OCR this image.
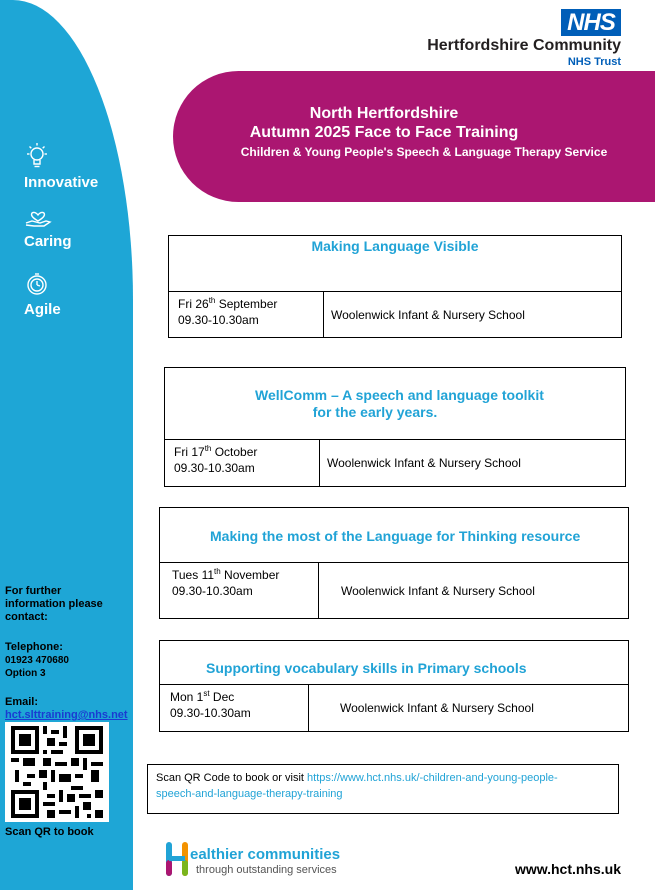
Innovative
Caring
Agile
For further
information please
contact:
Telephone:
01923 470680
Option 3
Email:
hct.slttraining@nhs.net
Scan QR to book
NHS
Hertfordshire Community
NHS Trust
North Hertfordshire
Autumn 2025 Face to Face Training
Children & Young People's Speech & Language Therapy Service
Making Language Visible
Fri 26th September
09.30-10.30am	Woolenwick Infant & Nursery School
WellComm – A speech and language toolkit
for the early years.
Fri 17th October
09.30-10.30am	Woolenwick Infant & Nursery School
Making the most of the Language for Thinking resource
Tues 11th November
09.30-10.30am	Woolenwick Infant & Nursery School
Supporting vocabulary skills in Primary schools
Mon 1st Dec
09.30-10.30am	Woolenwick Infant & Nursery School
Scan QR Code to book or visit https://www.hct.nhs.uk/-children-and-young-people-
speech-and-language-therapy-training
ealthier communities
through outstanding services	www.hct.nhs.uk
